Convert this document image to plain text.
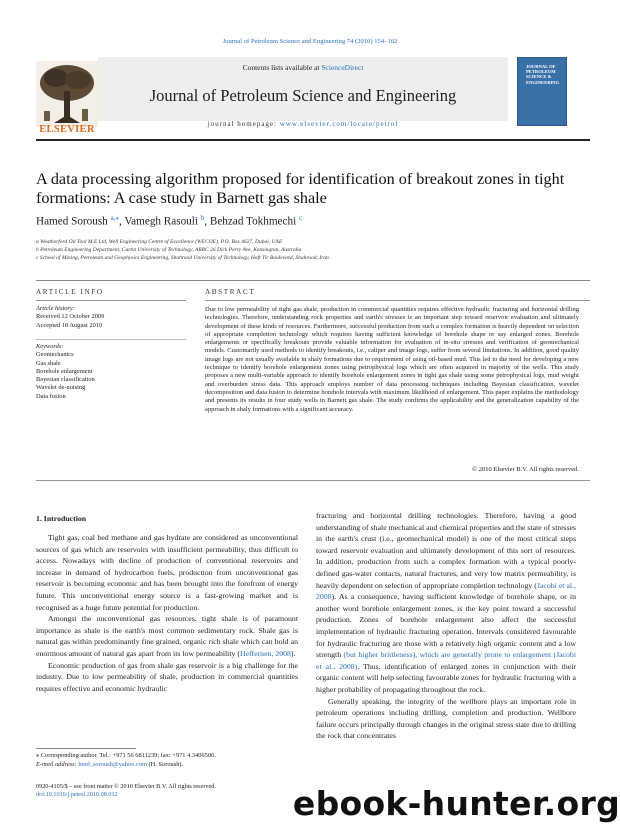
Journal of Petroleum Science and Engineering 74 (2010) 154–162
Contents lists available at ScienceDirect
Journal of Petroleum Science and Engineering
journal homepage: www.elsevier.com/locate/petrol
ELSEVIER
JOURNAL OF PETROLEUM SCIENCE & ENGINEERING
A data processing algorithm proposed for identification of breakout zones in tight formations: A case study in Barnett gas shale
Hamed Soroush $^{a,⁎}$, Vamegh Rasouli $^b$, Behzad Tokhmechi $^c$
a Weatherford Oil Tool M.E Ltd, Well Engineering Centre of Excellence (WECOE), P.O. Box 4627, Dubai, UAE
b Petroleum Engineering Department, Curtin University of Technology, ARRC 26 Dick Perry Ave, Kensington, Australia
c School of Mining, Petroleum and Geophysics Engineering, Shahrood University of Technology, Haft Tir Boulevard, Shahrood, Iran
ARTICLE INFO
Article history:
Received 12 October 2009
Accepted 18 August 2010
Keywords:
Geomechanics
Gas shale
Borehole enlargement
Bayesian classification
Wavelet de-noising
Data fusion
ABSTRACT
Due to low permeability of tight gas shale, production in commercial quantities requires effective hydraulic fracturing and horizontal drilling technologies. Therefore, understanding rock properties and earth's stresses is an important step toward reservoir evaluation and ultimately development of these kinds of resources. Furthermore, successful production from such a complex formation is heavily dependent on selection of appropriate completion technology which requires having sufficient knowledge of borehole shape or say enlarged zones. Borehole enlargements or specifically breakouts provide valuable information for evaluation of in-situ stresses and verification of geomechanical models. Customarily used methods to identify breakouts, i.e., caliper and image logs, suffer from several limitations. In addition, good quality image logs are not usually available in shaly formations due to requirement of using oil-based mud. This led to the need for developing a new technique to identify borehole enlargement zones using petrophysical logs which are often acquired in majority of the wells. This study proposes a new multi-variable approach to identify borehole enlargement zones in tight gas shale using some petrophysical logs, mud weight and overburden stress data. This approach employs number of data processing techniques including Bayesian classification, wavelet decomposition and data fusion to determine borehole intervals with maximum likelihood of enlargement. This paper explains the methodology and presents its results in four study wells in Barnett gas shale. The study confirms the applicability and the generalization capability of the approach in shaly formations with a significant accuracy.
© 2010 Elsevier B.V. All rights reserved.
1. Introduction

Tight gas, coal bed methane and gas hydrate are considered as unconventional sources of gas which are reservoirs with insufficient permeability, thus difficult to access. Nowadays with decline of production of conventional reservoirs and increase in demand of hydrocarbon fuels, production from unconventional gas reservoir is becoming economic and has been brought into the forefront of energy future. This unconventional energy source is a fast-growing market and is recognised as a huge future potential for production.

Amongst the unconventional gas resources, tight shale is of paramount importance as shale is the earth's most common sedimentary rock. Shale gas is natural gas within predominantly fine grained, organic rich shale which can hold an enormous amount of natural gas apart from its low permeability (Heffernen, 2008).

Economic production of gas from shale gas reservoir is a big challenge for the industry. Due to low permeability of shale, production in commercial quantities requires effective and economic hydraulic

fracturing and horizontal drilling technologies. Therefore, having a good understanding of shale mechanical and chemical properties and the state of stresses in the earth's crust (i.e., geomechanical model) is one of the most critical steps toward reservoir evaluation and ultimately development of this sort of resources. In addition, production from such a complex formation with a typical poorly-defined gas-water contacts, natural fractures, and very low matrix permeability, is heavily dependent on selection of appropriate completion technology (Jacobi et al., 2008). As a consequence, having sufficient knowledge of borehole shape, or in another word borehole enlargement zones, is the key point toward a successful production. Zones of borehole enlargement also affect the successful implementation of hydraulic fracturing operation. Intervals considered favourable for hydraulic fracturing are those with a relatively high organic content and a low strength (but higher brittleness), which are generally prone to enlargement (Jacobi et al., 2008). Thus, identification of enlarged zones in conjunction with their organic content will help selecting favourable zones for hydraulic fracturing with a higher probability of propagating throughout the rock.

Generally speaking, the integrity of the wellbore plays an important role in petroleum operations including drilling, completion and production. Wellbore failure occurs principally through changes in the original stress state due to drilling the rock that concentrates

⁎ Corresponding author. Tel.: +971 56 6811239; fax: +971 4 3406506.
E-mail address: hmd_soroush@yahoo.com (H. Soroush).
0920-4105/$ – see front matter © 2010 Elsevier B.V. All rights reserved.
doi:10.1016/j.petrol.2010.08.012	ebook-hunter.org
